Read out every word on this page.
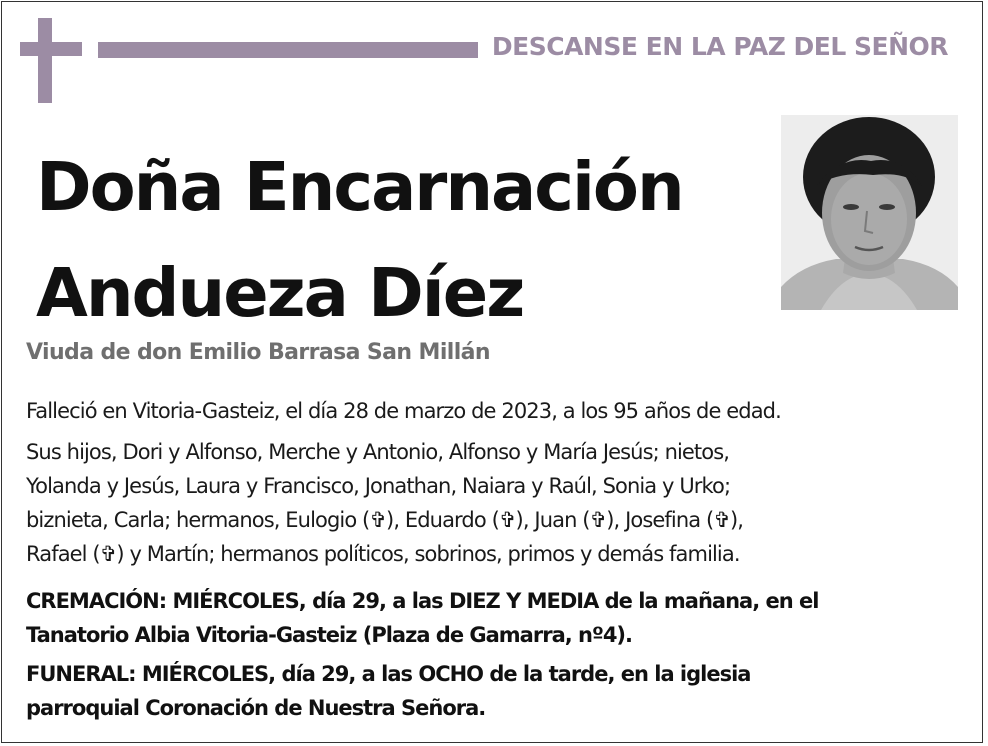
DESCANSE EN LA PAZ DEL SEÑOR
Doña Encarnación
Andueza Díez
Viuda de don Emilio Barrasa San Millán
Falleció en Vitoria-Gasteiz, el día 28 de marzo de 2023, a los 95 años de edad.
Sus hijos, Dori y Alfonso, Merche y Antonio, Alfonso y María Jesús; nietos,
Yolanda y Jesús, Laura y Francisco, Jonathan, Naiara y Raúl, Sonia y Urko;
biznieta, Carla; hermanos, Eulogio (✞), Eduardo (✞), Juan (✞), Josefina (✞),
Rafael (✞) y Martín; hermanos políticos, sobrinos, primos y demás familia.
CREMACIÓN: MIÉRCOLES, día 29, a las DIEZ Y MEDIA de la mañana, en el
Tanatorio Albia Vitoria-Gasteiz (Plaza de Gamarra, nº4).
FUNERAL: MIÉRCOLES, día 29, a las OCHO de la tarde, en la iglesia
parroquial Coronación de Nuestra Señora.
